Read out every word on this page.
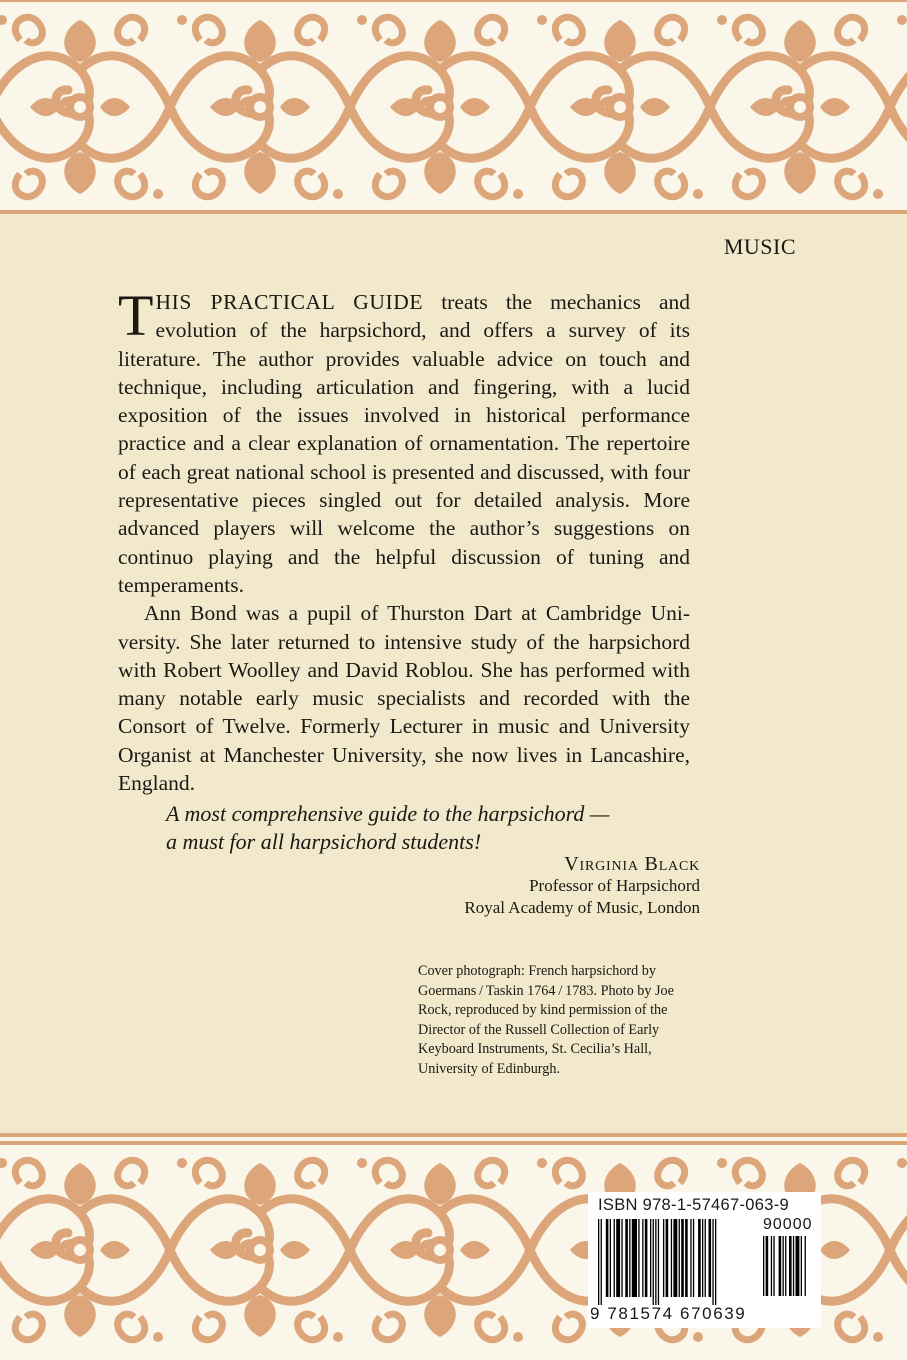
MUSIC

THIS PRACTICAL GUIDE treats the mechanics and evolution of the harpsichord, and offers a survey of its literature. The author provides valuable advice on touch and technique, including articulation and fingering, with a lucid exposition of the issues involved in historical performance practice and a clear explanation of ornamentation. The repertoire of each great national school is presented and discussed, with four representative pieces singled out for detailed analysis. More advanced players will welcome the author’s suggestions on continuo playing and the helpful discussion of tuning and temperaments.

Ann Bond was a pupil of Thurston Dart at Cambridge University. She later returned to intensive study of the harpsichord with Robert Woolley and David Roblou. She has performed with many notable early music specialists and recorded with the Consort of Twelve. Formerly Lecturer in music and University Organist at Manchester University, she now lives in Lancashire, England.

A most comprehensive guide to the harpsichord —
a must for all harpsichord students!
Virginia Black
Professor of Harpsichord
Royal Academy of Music, London
Cover photograph: French harpsichord by Goermans / Taskin 1764 / 1783. Photo by Joe Rock, reproduced by kind permission of the Director of the Russell Collection of Early Keyboard Instruments, St. Cecilia’s Hall, University of Edinburgh.
ISBN 978-1-57467-063-9
90000
9 781574 670639
